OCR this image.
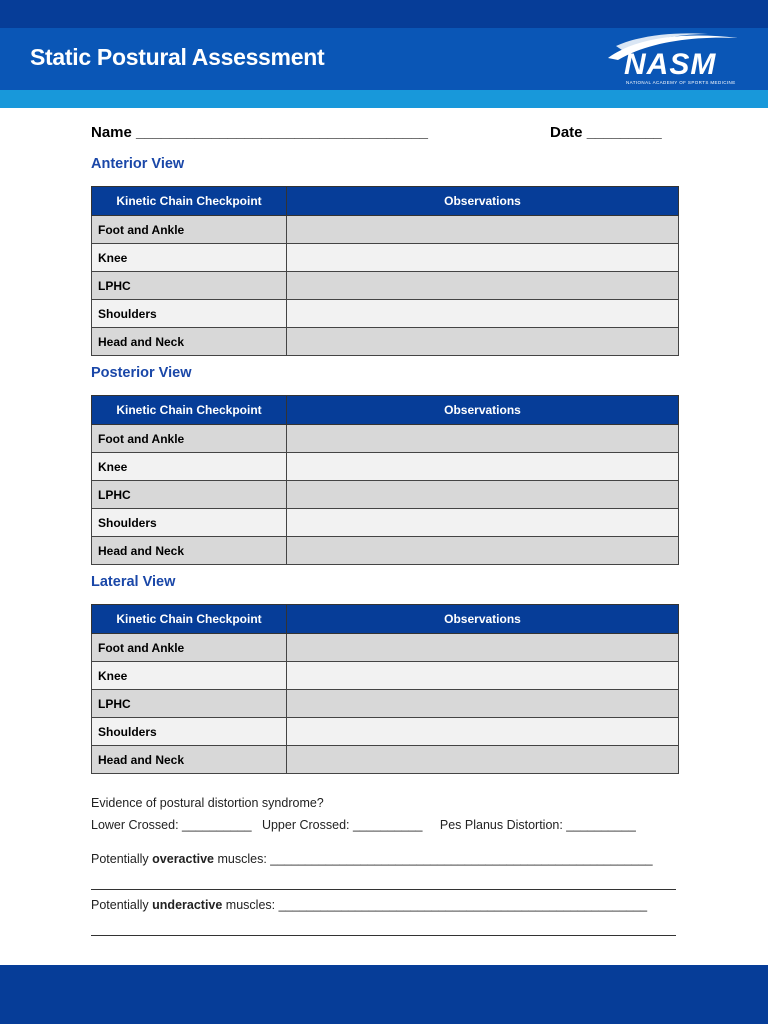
Static Postural Assessment	NASM
NATIONAL ACADEMY OF SPORTS MEDICINE
Name ___________________________________	Date _________
Anterior View
Kinetic Chain Checkpoint	Observations
Foot and Ankle	
Knee	
LPHC	
Shoulders	
Head and Neck	
Posterior View
Kinetic Chain Checkpoint	Observations
Foot and Ankle	
Knee	
LPHC	
Shoulders	
Head and Neck	
Lateral View
Kinetic Chain Checkpoint	Observations
Foot and Ankle	
Knee	
LPHC	
Shoulders	
Head and Neck	
Evidence of postural distortion syndrome?
Lower Crossed: __________ Upper Crossed: __________ Pes Planus Distortion: __________
Potentially overactive muscles: _______________________________________________________
Potentially underactive muscles: _____________________________________________________
